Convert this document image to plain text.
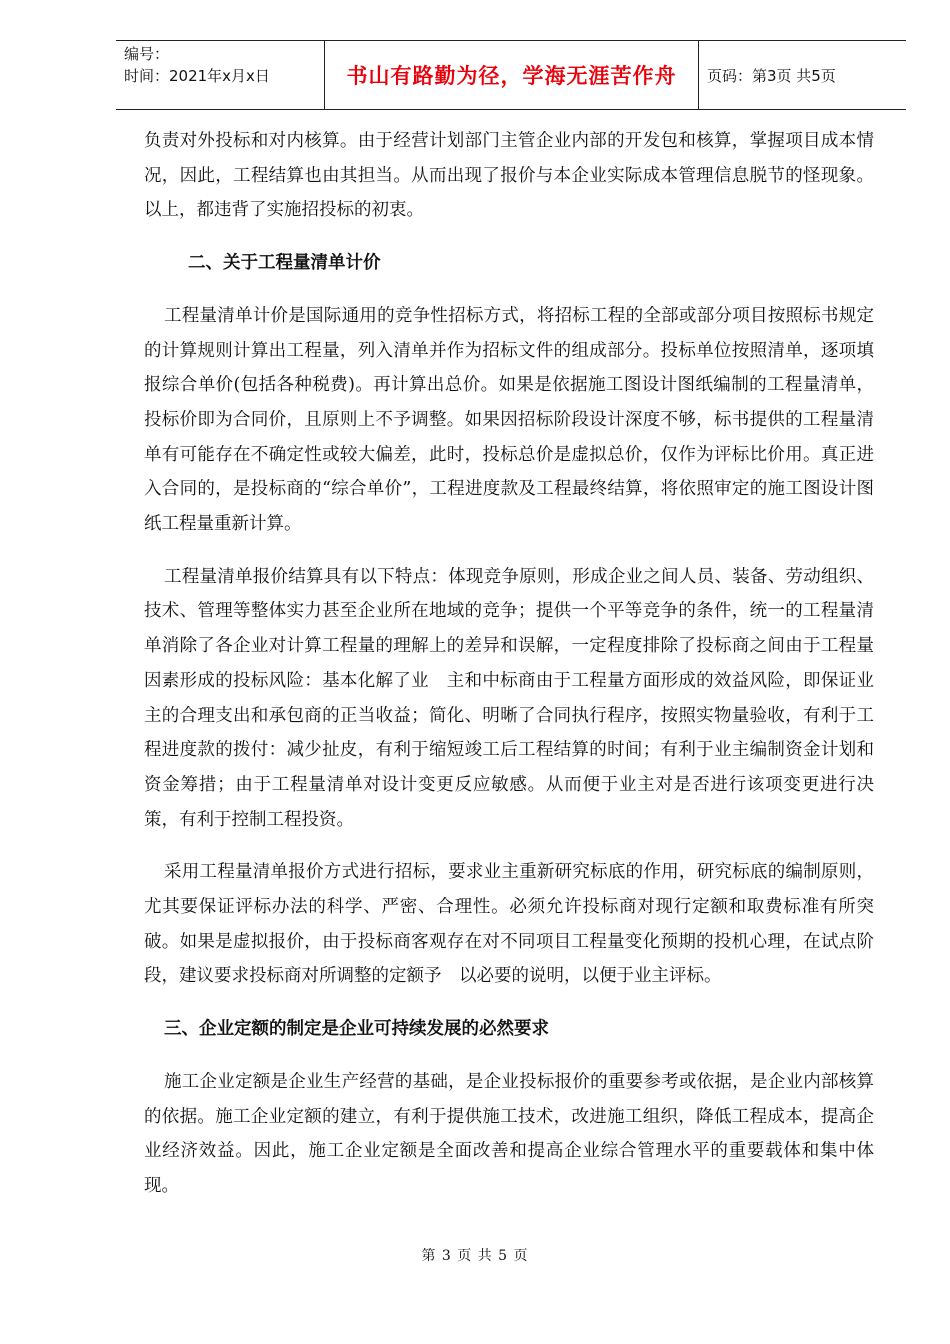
编号：
时间：2021年x月x日	书山有路勤为径，学海无涯苦作舟 页码：第3页 共5页

负责对外投标和对内核算。由于经营计划部门主管企业内部的开发包和核算，掌握项目成本情况，因此，工程结算也由其担当。从而出现了报价与本企业实际成本管理信息脱节的怪现象。以上，都违背了实施招投标的初衷。

二、关于工程量清单计价

工程量清单计价是国际通用的竞争性招标方式，将招标工程的全部或部分项目按照标书规定的计算规则计算出工程量，列入清单并作为招标文件的组成部分。投标单位按照清单，逐项填报综合单价(包括各种税费)。再计算出总价。如果是依据施工图设计图纸编制的工程量清单，投标价即为合同价，且原则上不予调整。如果因招标阶段设计深度不够，标书提供的工程量清单有可能存在不确定性或较大偏差，此时，投标总价是虚拟总价，仅作为评标比价用。真正进入合同的，是投标商的“综合单价”，工程进度款及工程最终结算，将依照审定的施工图设计图纸工程量重新计算。

工程量清单报价结算具有以下特点：体现竞争原则，形成企业之间人员、装备、劳动组织、技术、管理等整体实力甚至企业所在地域的竞争；提供一个平等竞争的条件，统一的工程量清单消除了各企业对计算工程量的理解上的差异和误解，一定程度排除了投标商之间由于工程量因素形成的投标风险：基本化解了业　主和中标商由于工程量方面形成的效益风险，即保证业主的合理支出和承包商的正当收益；简化、明晰了合同执行程序，按照实物量验收，有利于工程进度款的拨付：减少扯皮，有利于缩短竣工后工程结算的时间；有利于业主编制资金计划和资金筹措；由于工程量清单对设计变更反应敏感。从而便于业主对是否进行该项变更进行决策，有利于控制工程投资。

采用工程量清单报价方式进行招标，要求业主重新研究标底的作用，研究标底的编制原则，尤其要保证评标办法的科学、严密、合理性。必须允许投标商对现行定额和取费标准有所突破。如果是虚拟报价，由于投标商客观存在对不同项目工程量变化预期的投机心理，在试点阶段，建议要求投标商对所调整的定额予　以必要的说明，以便于业主评标。

三、企业定额的制定是企业可持续发展的必然要求

施工企业定额是企业生产经营的基础，是企业投标报价的重要参考或依据，是企业内部核算的依据。施工企业定额的建立，有利于提供施工技术，改进施工组织，降低工程成本，提高企业经济效益。因此，施工企业定额是全面改善和提高企业综合管理水平的重要载体和集中体现。

第 3 页 共 5 页
